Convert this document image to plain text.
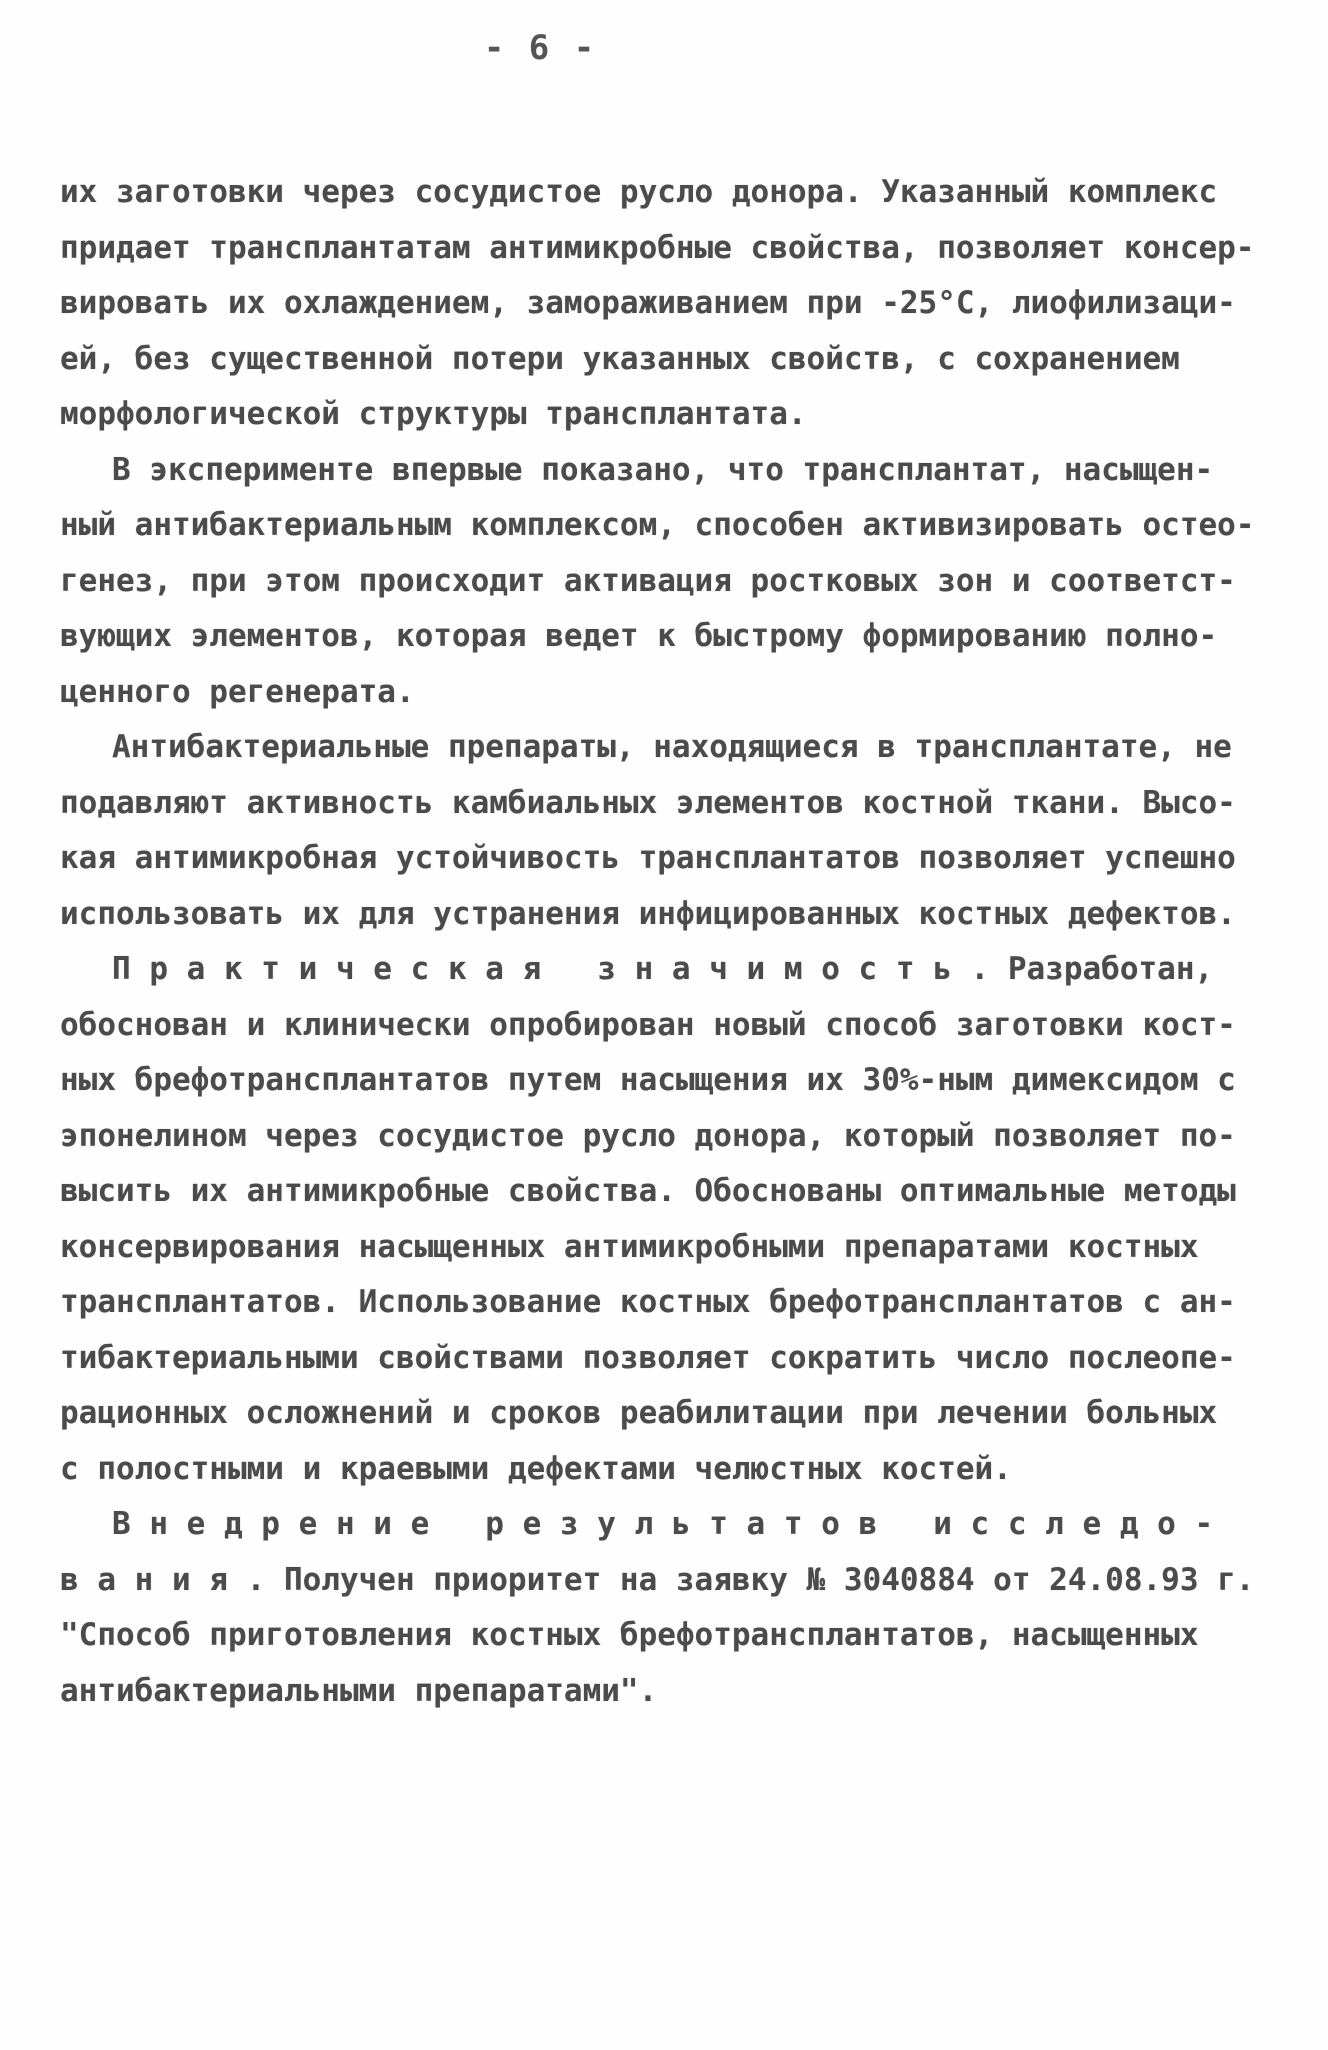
- 6 -
их заготовки через сосудистое русло донора. Указанный комплекс
придает трансплантатам антимикробные свойства, позволяет консер-
вировать их охлаждением, замораживанием при -25°С, лиофилизаци-
ей, без существенной потери указанных свойств, с сохранением
морфологической структуры трансплантата.
В эксперименте впервые показано, что трансплантат, насыщен-
ный антибактериальным комплексом, способен активизировать остео-
генез, при этом происходит активация ростковых зон и соответст-
вующих элементов, которая ведет к быстрому формированию полно-
ценного регенерата.
Антибактериальные препараты, находящиеся в трансплантате, не
подавляют активность камбиальных элементов костной ткани. Высо-
кая антимикробная устойчивость трансплантатов позволяет успешно
использовать их для устранения инфицированных костных дефектов.
П р а к т и ч е с к а я   з н а ч и м о с т ь . Разработан,
обоснован и клинически опробирован новый способ заготовки кост-
ных брефотрансплантатов путем насыщения их 30%-ным димексидом с
эпонелином через сосудистое русло донора, который позволяет по-
высить их антимикробные свойства. Обоснованы оптимальные методы
консервирования насыщенных антимикробными препаратами костных
трансплантатов. Использование костных брефотрансплантатов с ан-
тибактериальными свойствами позволяет сократить число послеопе-
рационных осложнений и сроков реабилитации при лечении больных
с полостными и краевыми дефектами челюстных костей.
В н е д р е н и е   р е з у л ь т а т о в   и с с л е д о -
в а н и я . Получен приоритет на заявку № 3040884 от 24.08.93 г.
"Способ приготовления костных брефотрансплантатов, насыщенных
антибактериальными препаратами".
